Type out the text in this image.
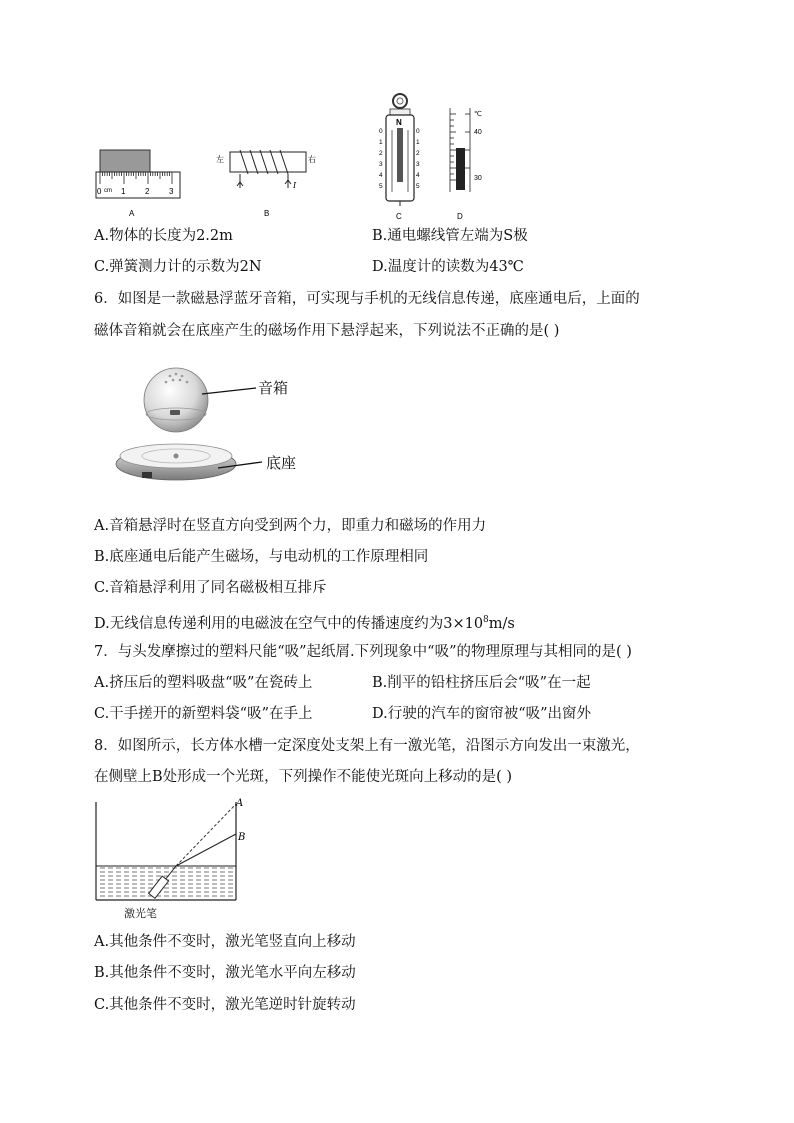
0 cm 1 2 3
A
左	右
I
B
N
0
1
2
3
4
5
0
1
2
3
4
5
C
℃
40
30
D
A.物体的长度为2.2m	B.通电螺线管左端为S极
C.弹簧测力计的示数为2N	D.温度计的读数为43℃
6．如图是一款磁悬浮蓝牙音箱，可实现与手机的无线信息传递，底座通电后，上面的
磁体音箱就会在底座产生的磁场作用下悬浮起来，下列说法不正确的是( )
音箱
底座
A.音箱悬浮时在竖直方向受到两个力，即重力和磁场的作用力
B.底座通电后能产生磁场，与电动机的工作原理相同
C.音箱悬浮利用了同名磁极相互排斥
D.无线信息传递利用的电磁波在空气中的传播速度约为$3\times 10^8m/s$
7．与头发摩擦过的塑料尺能“吸”起纸屑.下列现象中“吸”的物理原理与其相同的是( )
A.挤压后的塑料吸盘“吸”在瓷砖上	B.削平的铅柱挤压后会“吸”在一起
C.干手搓开的新塑料袋“吸”在手上	D.行驶的汽车的窗帘被“吸”出窗外
8．如图所示，长方体水槽一定深度处支架上有一激光笔，沿图示方向发出一束激光，
在侧壁上B处形成一个光斑，下列操作不能使光斑向上移动的是( )
A
B
激光笔
A.其他条件不变时，激光笔竖直向上移动
B.其他条件不变时，激光笔水平向左移动
C.其他条件不变时，激光笔逆时针旋转动
